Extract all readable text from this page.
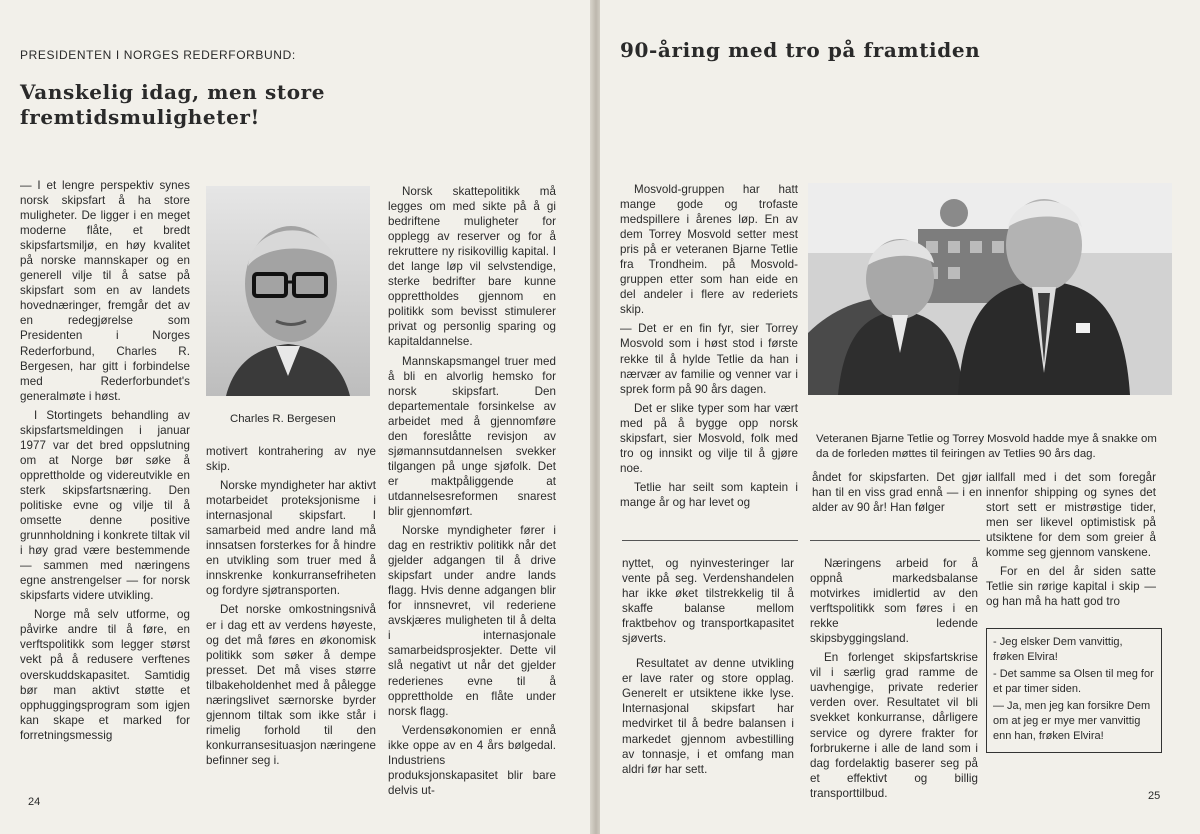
PRESIDENTEN I NORGES REDERFORBUND:
Vanskelig idag, men store
fremtidsmuligheter!

— I et lengre perspektiv synes norsk skipsfart å ha store muligheter. De ligger i en meget moderne flåte, et bredt skipsfartsmiljø, en høy kvalitet på norske mannskaper og en generell vilje til å satse på skipsfart som en av landets hovednæringer, fremgår det av en redegjørelse som Presidenten i Norges Rederforbund, Charles R. Bergesen, har gitt i forbindelse med Rederforbundet's generalmøte i høst.

I Stortingets behandling av skipsfartsmeldingen i januar 1977 var det bred oppslutning om at Norge bør søke å opprettholde og videreutvikle en sterk skipsfartsnæring. Den politiske evne og vilje til å omsette denne positive grunnholdning i konkrete tiltak vil i høy grad være bestemmende — sammen med næringens egne anstrengelser — for norsk skipsfarts videre utvikling.

Norge må selv utforme, og påvirke andre til å føre, en verftspolitikk som legger størst vekt på å redusere verftenes overskuddskapasitet. Samtidig bør man aktivt støtte et opphuggingsprogram som igjen kan skape et marked for forretningsmessig

Charles R. Bergesen

motivert kontrahering av nye skip.

Norske myndigheter har aktivt motarbeidet proteksjonisme i internasjonal skipsfart. I samarbeid med andre land må innsatsen forsterkes for å hindre en utvikling som truer med å innskrenke konkurransefriheten og fordyre sjøtransporten.

Det norske omkostningsnivå er i dag ett av verdens høyeste, og det må føres en økonomisk politikk som søker å dempe presset. Det må vises større tilbakeholdenhet med å pålegge næringslivet særnorske byrder gjennom tiltak som ikke står i rimelig forhold til den konkurransesituasjon næringene befinner seg i.

Norsk skattepolitikk må legges om med sikte på å gi bedriftene muligheter for opplegg av reserver og for å rekruttere ny risikovillig kapital. I det lange løp vil selvstendige, sterke bedrifter bare kunne opprettholdes gjennom en politikk som bevisst stimulerer privat og personlig sparing og kapitaldannelse.

Mannskapsmangel truer med å bli en alvorlig hemsko for norsk skipsfart. Den departementale forsinkelse av arbeidet med å gjennomføre den foreslåtte revisjon av sjømannsutdannelsen svekker tilgangen på unge sjøfolk. Det er maktpåliggende at utdannelsesreformen snarest blir gjennomført.

Norske myndigheter fører i dag en restriktiv politikk når det gjelder adgangen til å drive skipsfart under andre lands flagg. Hvis denne adgangen blir for innsnevret, vil rederiene avskjæres muligheten til å delta i internasjonale samarbeidsprosjekter. Dette vil slå negativt ut når det gjelder rederienes evne til å opprettholde en flåte under norsk flagg.

Verdensøkonomien er ennå ikke oppe av en 4 års bølgedal. Industriens produksjonskapasitet blir bare delvis ut-

24
90-åring med tro på framtiden

Mosvold-gruppen har hatt mange gode og trofaste medspillere i årenes løp. En av dem Torrey Mosvold setter mest pris på er veteranen Bjarne Tetlie fra Trondheim. på Mosvold-gruppen etter som han eide en del andeler i flere av rederiets skip.

— Det er en fin fyr, sier Torrey Mosvold som i høst stod i første rekke til å hylde Tetlie da han i nærvær av familie og venner var i sprek form på 90 års dagen.

Det er slike typer som har vært med på å bygge opp norsk skipsfart, sier Mosvold, folk med tro og innsikt og vilje til å gjøre noe.

Tetlie har seilt som kaptein i mange år og har levet og

Veteranen Bjarne Tetlie og Torrey Mosvold hadde mye å snakke om da de forleden møttes til feiringen av Tetlies 90 års dag.
åndet for skipsfarten. Det gjør han til en viss grad ennå — i en alder av 90 år! Han følger

iallfall med i det som foregår innenfor shipping og synes det stort sett er mistrøstige tider, men ser likevel optimistisk på utsiktene for dem som greier å komme seg gjennom vanskene.

For en del år siden satte Tetlie sin rørige kapital i skip — og han må ha hatt god tro

- Jeg elsker Dem vanvittig, frøken Elvira!

- Det samme sa Olsen til meg for et par timer siden.

— Ja, men jeg kan forsikre Dem om at jeg er mye mer vanvittig enn han, frøken Elvira!

nyttet, og nyinvesteringer lar vente på seg. Verdenshandelen har ikke øket tilstrekkelig til å skaffe balanse mellom fraktbehov og transportkapasitet sjøverts.

Resultatet av denne utvikling er lave rater og store opplag. Generelt er utsiktene ikke lyse. Internasjonal skipsfart har medvirket til å bedre balansen i markedet gjennom avbestilling av tonnasje, i et omfang man aldri før har sett.

Næringens arbeid for å oppnå markedsbalanse motvirkes imidlertid av den verftspolitikk som føres i en rekke ledende skipsbyggingsland.

En forlenget skipsfartskrise vil i særlig grad ramme de uavhengige, private rederier verden over. Resultatet vil bli svekket konkurranse, dårligere service og dyrere frakter for forbrukerne i alle de land som i dag fordelaktig baserer seg på et effektivt og billig transporttilbud.	25
